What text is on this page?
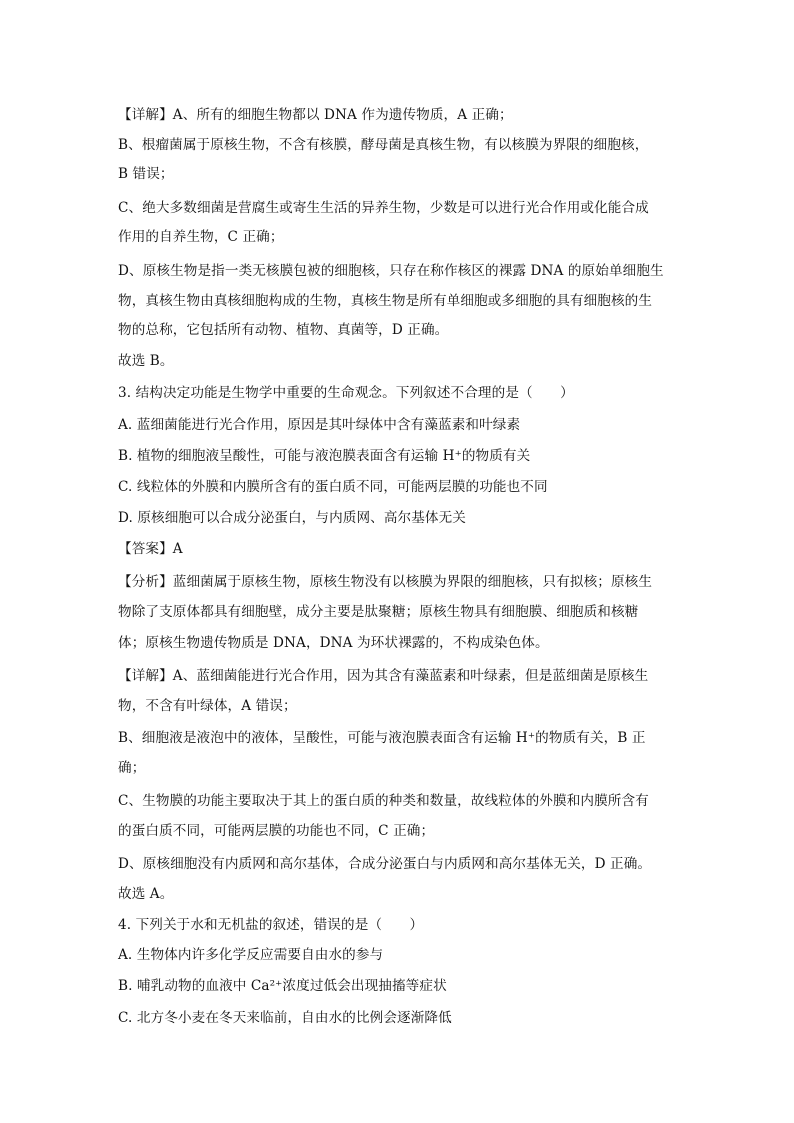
【详解】A、所有的细胞生物都以 DNA 作为遗传物质，A 正确；
B、根瘤菌属于原核生物，不含有核膜，酵母菌是真核生物，有以核膜为界限的细胞核，
B 错误；
C、绝大多数细菌是营腐生或寄生生活的异养生物，少数是可以进行光合作用或化能合成
作用的自养生物，C 正确；
D、原核生物是指一类无核膜包被的细胞核，只存在称作核区的裸露 DNA 的原始单细胞生
物，真核生物由真核细胞构成的生物，真核生物是所有单细胞或多细胞的具有细胞核的生
物的总称，它包括所有动物、植物、真菌等，D 正确。
故选 B。
3. 结构决定功能是生物学中重要的生命观念。下列叙述不合理的是（　　）
A. 蓝细菌能进行光合作用，原因是其叶绿体中含有藻蓝素和叶绿素
B. 植物的细胞液呈酸性，可能与液泡膜表面含有运输 H⁺的物质有关
C. 线粒体的外膜和内膜所含有的蛋白质不同，可能两层膜的功能也不同
D. 原核细胞可以合成分泌蛋白，与内质网、高尔基体无关
【答案】A
【分析】蓝细菌属于原核生物，原核生物没有以核膜为界限的细胞核，只有拟核；原核生
物除了支原体都具有细胞壁，成分主要是肽聚糖；原核生物具有细胞膜、细胞质和核糖
体；原核生物遗传物质是 DNA，DNA 为环状裸露的，不构成染色体。
【详解】A、蓝细菌能进行光合作用，因为其含有藻蓝素和叶绿素，但是蓝细菌是原核生
物，不含有叶绿体，A 错误；
B、细胞液是液泡中的液体，呈酸性，可能与液泡膜表面含有运输 H⁺的物质有关，B 正
确；
C、生物膜的功能主要取决于其上的蛋白质的种类和数量，故线粒体的外膜和内膜所含有
的蛋白质不同，可能两层膜的功能也不同，C 正确；
D、原核细胞没有内质网和高尔基体，合成分泌蛋白与内质网和高尔基体无关，D 正确。
故选 A。
4. 下列关于水和无机盐的叙述，错误的是（　　）
A. 生物体内许多化学反应需要自由水的参与
B. 哺乳动物的血液中 Ca²⁺浓度过低会出现抽搐等症状
C. 北方冬小麦在冬天来临前，自由水的比例会逐渐降低
